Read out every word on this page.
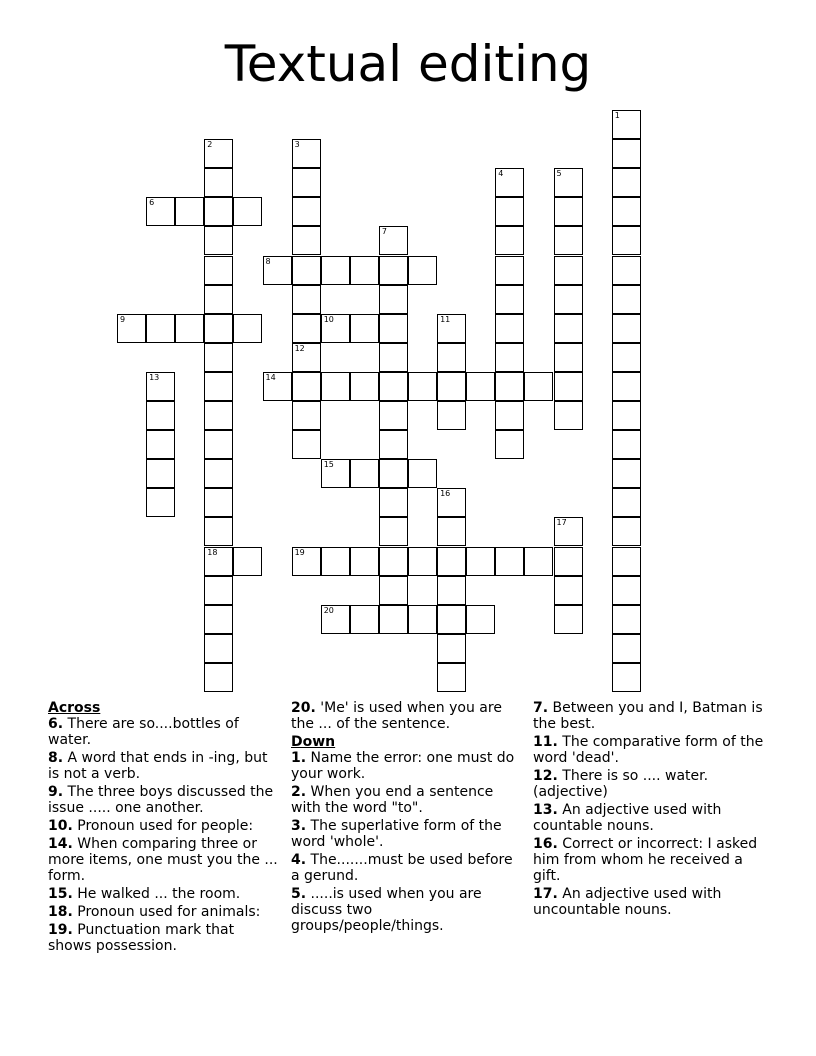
Textual editing
1
2
18
3
12
4	5
6
7
8
9	10	11
13	14
15
16
17
19
20
Across
6. There are so....bottles of water.
8. A word that ends in -ing, but is not a verb.
9. The three boys discussed the issue ..... one another.
10. Pronoun used for people:
14. When comparing three or more items, one must you the ... form.
15. He walked ... the room.
18. Pronoun used for animals:
19. Punctuation mark that shows possession.
20. 'Me' is used when you are the ... of the sentence.
Down
1. Name the error: one must do your work.
2. When you end a sentence with the word "to".
3. The superlative form of the word 'whole'.
4. The.......must be used before a gerund.
5. .....is used when you are discuss two groups/people/things.
7. Between you and I, Batman is the best.
11. The comparative form of the word 'dead'.
12. There is so .... water. (adjective)
13. An adjective used with countable nouns.
16. Correct or incorrect: I asked him from whom he received a gift.
17. An adjective used with uncountable nouns.
